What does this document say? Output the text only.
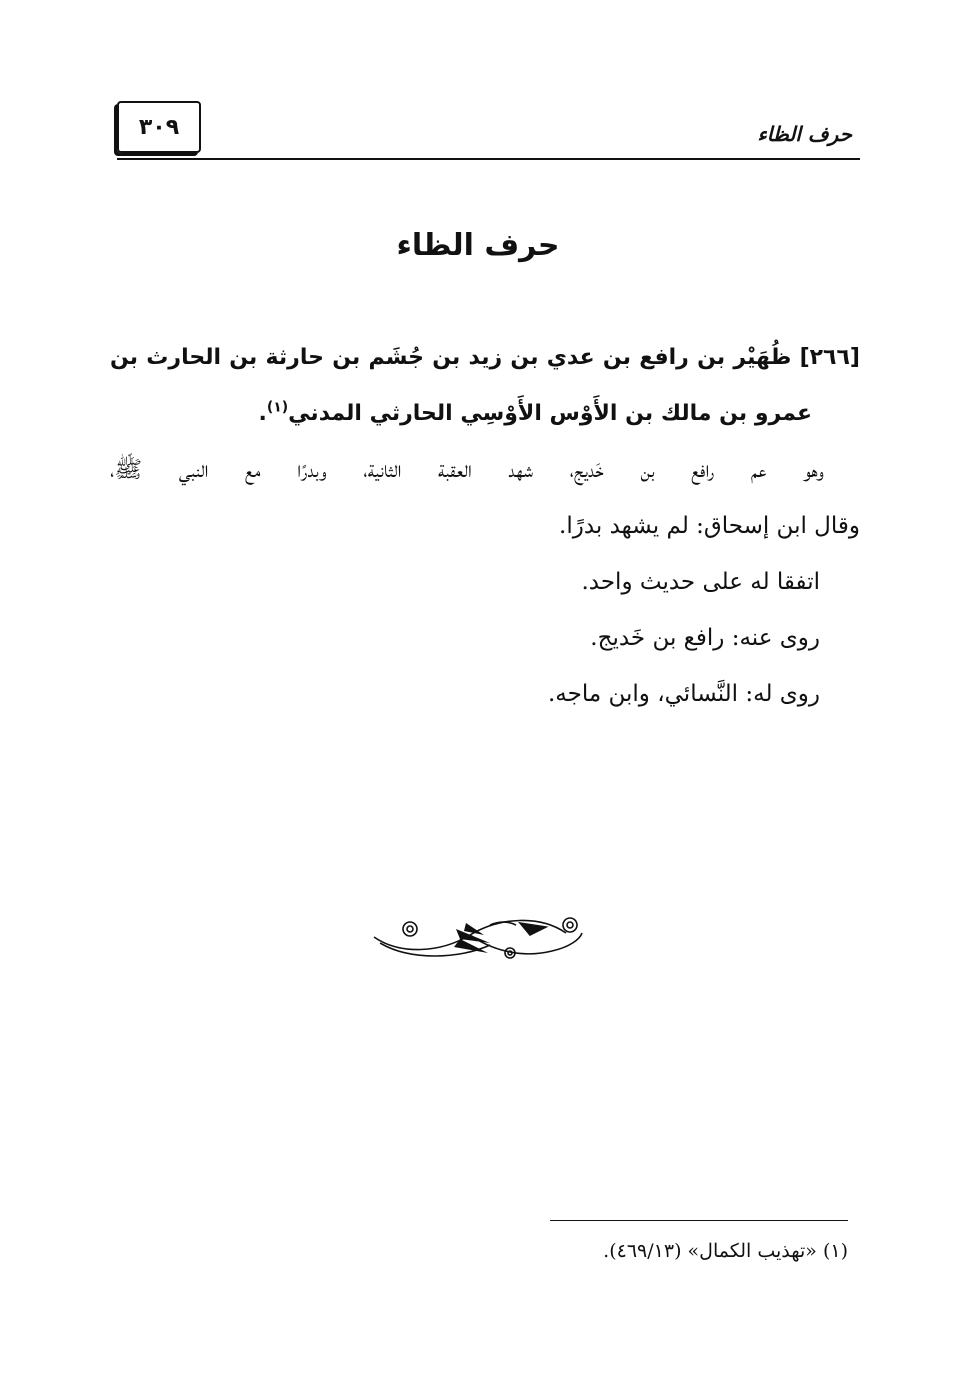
٣٠٩	حرف الظاء
حرف الظاء
[٢٦٦] ظُهَيْر بن رافع بن عدي بن زيد بن جُشَم بن حارثة بن الحارث بن
عمرو بن مالك بن الأَوْس الأَوْسِي الحارثي المدني$^{(١)}$.
وهو عم رافع بن خَديج، شهد العقبة الثانية، وبدرًا مع النبي ﷺ،
وقال ابن إسحاق: لم يشهد بدرًا.
اتفقا له على حديث واحد.
روى عنه: رافع بن خَديج.
روى له: النَّسائي، وابن ماجه.
(١) «تهذيب الكمال» (٤٦٩/١٣).
